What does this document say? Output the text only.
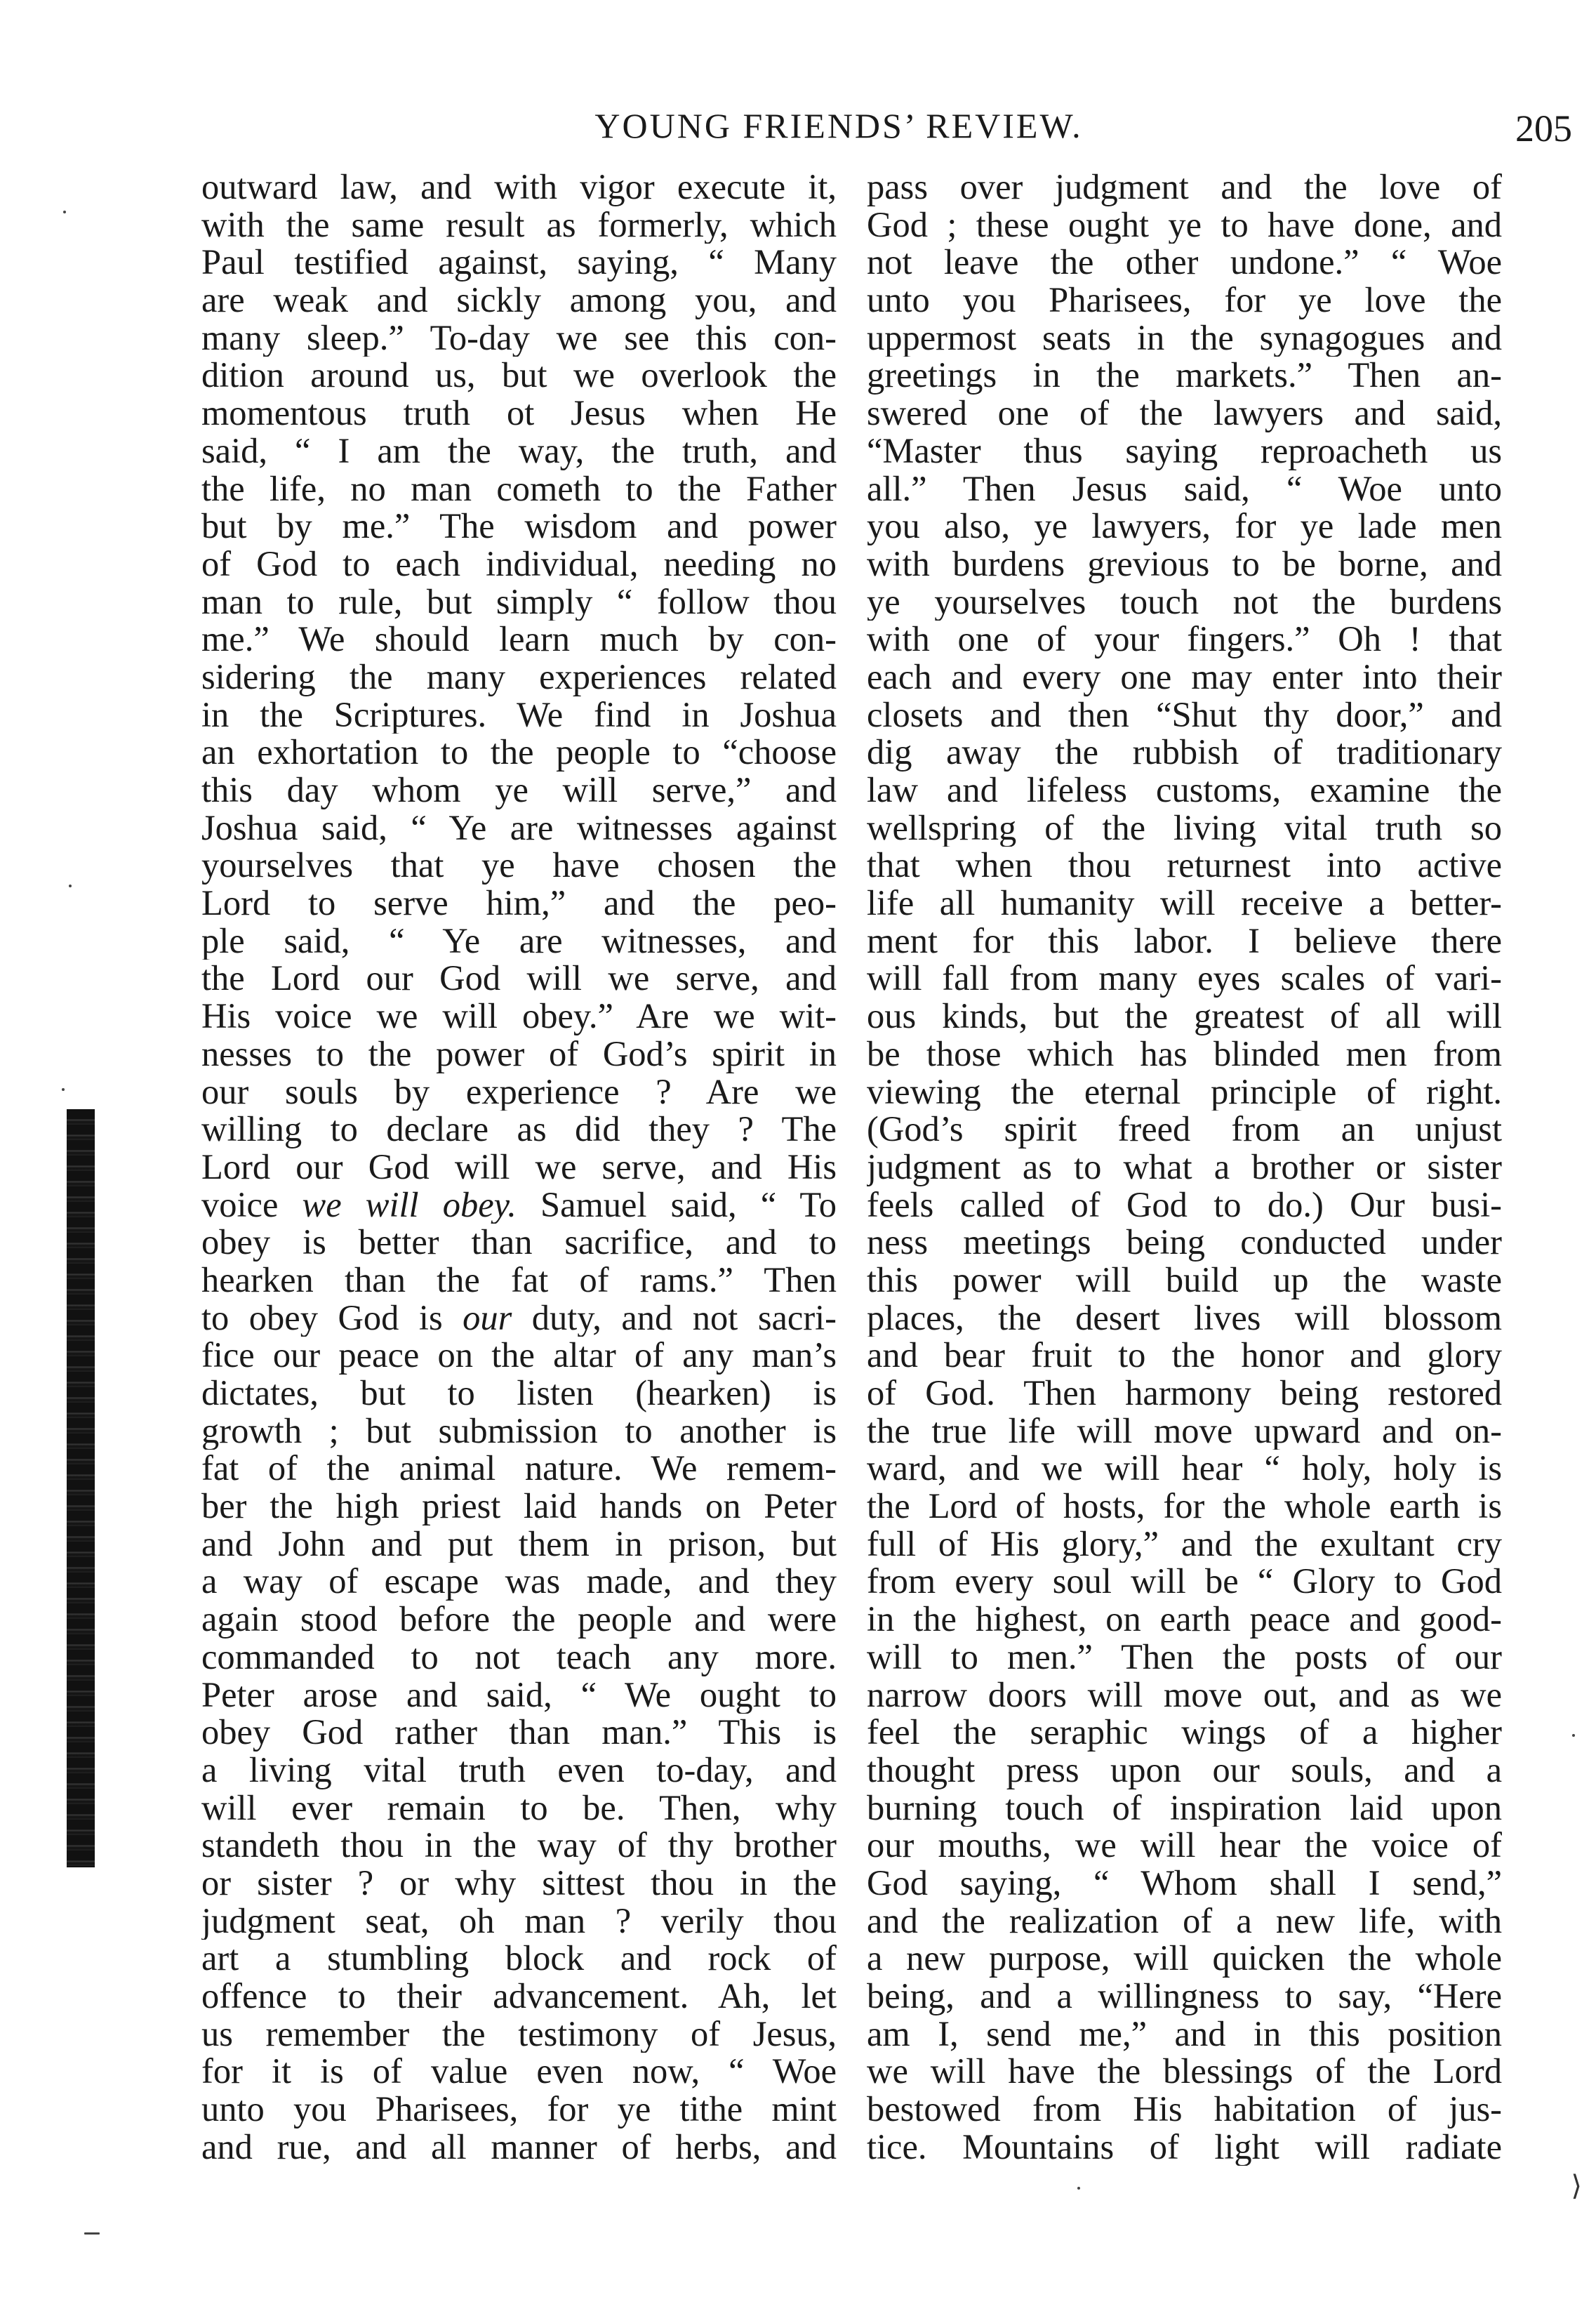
⟩
YOUNG FRIENDS’ REVIEW.	205
outward law, and with vigor execute it,
with the same result as formerly, which
Paul testified against, saying, “ Many
are weak and sickly among you, and
many sleep.” To-day we see this con-
dition around us, but we overlook the
momentous truth ot Jesus when He
said, “ I am the way, the truth, and
the life, no man cometh to the Father
but by me.” The wisdom and power
of God to each individual, needing no
man to rule, but simply “ follow thou
me.” We should learn much by con-
sidering the many experiences related
in the Scriptures. We find in Joshua
an exhortation to the people to “choose
this day whom ye will serve,” and
Joshua said, “ Ye are witnesses against
yourselves that ye have chosen the
Lord to serve him,” and the peo-
ple said, “ Ye are witnesses, and
the Lord our God will we serve, and
His voice we will obey.” Are we wit-
nesses to the power of God’s spirit in
our souls by experience ? Are we
willing to declare as did they ? The
Lord our God will we serve, and His
voice we will obey. Samuel said, “ To
obey is better than sacrifice, and to
hearken than the fat of rams.” Then
to obey God is our duty, and not sacri-
fice our peace on the altar of any man’s
dictates, but to listen (hearken) is
growth ; but submission to another is
fat of the animal nature. We remem-
ber the high priest laid hands on Peter
and John and put them in prison, but
a way of escape was made, and they
again stood before the people and were
commanded to not teach any more.
Peter arose and said, “ We ought to
obey God rather than man.” This is
a living vital truth even to-day, and
will ever remain to be. Then, why
standeth thou in the way of thy brother
or sister ? or why sittest thou in the
judgment seat, oh man ? verily thou
art a stumbling block and rock of
offence to their advancement. Ah, let
us remember the testimony of Jesus,
for it is of value even now, “ Woe
unto you Pharisees, for ye tithe mint
and rue, and all manner of herbs, and
pass over judgment and the love of
God ; these ought ye to have done, and
not leave the other undone.” “ Woe
unto you Pharisees, for ye love the
uppermost seats in the synagogues and
greetings in the markets.” Then an-
swered one of the lawyers and said,
“Master thus saying reproacheth us
all.” Then Jesus said, “ Woe unto
you also, ye lawyers, for ye lade men
with burdens grevious to be borne, and
ye yourselves touch not the burdens
with one of your fingers.” Oh ! that
each and every one may enter into their
closets and then “Shut thy door,” and
dig away the rubbish of traditionary
law and lifeless customs, examine the
wellspring of the living vital truth so
that when thou returnest into active
life all humanity will receive a better-
ment for this labor. I believe there
will fall from many eyes scales of vari-
ous kinds, but the greatest of all will
be those which has blinded men from
viewing the eternal principle of right.
(God’s spirit freed from an unjust
judgment as to what a brother or sister
feels called of God to do.) Our busi-
ness meetings being conducted under
this power will build up the waste
places, the desert lives will blossom
and bear fruit to the honor and glory
of God. Then harmony being restored
the true life will move upward and on-
ward, and we will hear “ holy, holy is
the Lord of hosts, for the whole earth is
full of His glory,” and the exultant cry
from every soul will be “ Glory to God
in the highest, on earth peace and good-
will to men.” Then the posts of our
narrow doors will move out, and as we
feel the seraphic wings of a higher
thought press upon our souls, and a
burning touch of inspiration laid upon
our mouths, we will hear the voice of
God saying, “ Whom shall I send,”
and the realization of a new life, with
a new purpose, will quicken the whole
being, and a willingness to say, “Here
am I, send me,” and in this position
we will have the blessings of the Lord
bestowed from His habitation of jus-
tice. Mountains of light will radiate
